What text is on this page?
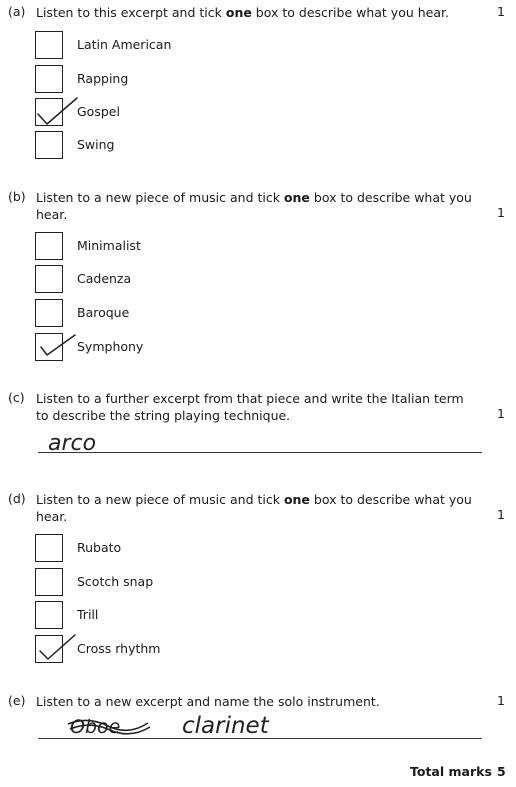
(a) Listen to this excerpt and tick one box to describe what you hear.	1
Latin American
Rapping
Gospel
Swing
(b) Listen to a new piece of music and tick one box to describe what you hear.	1
Minimalist
Cadenza
Baroque
Symphony
(c) Listen to a further excerpt from that piece and write the Italian term to describe the string playing technique.	1
arco
(d) Listen to a new piece of music and tick one box to describe what you hear.	1
Rubato
Scotch snap
Trill
Cross rhythm
(e) Listen to a new excerpt and name the solo instrument.	1
Oboe	clarinet
Total marks 5
